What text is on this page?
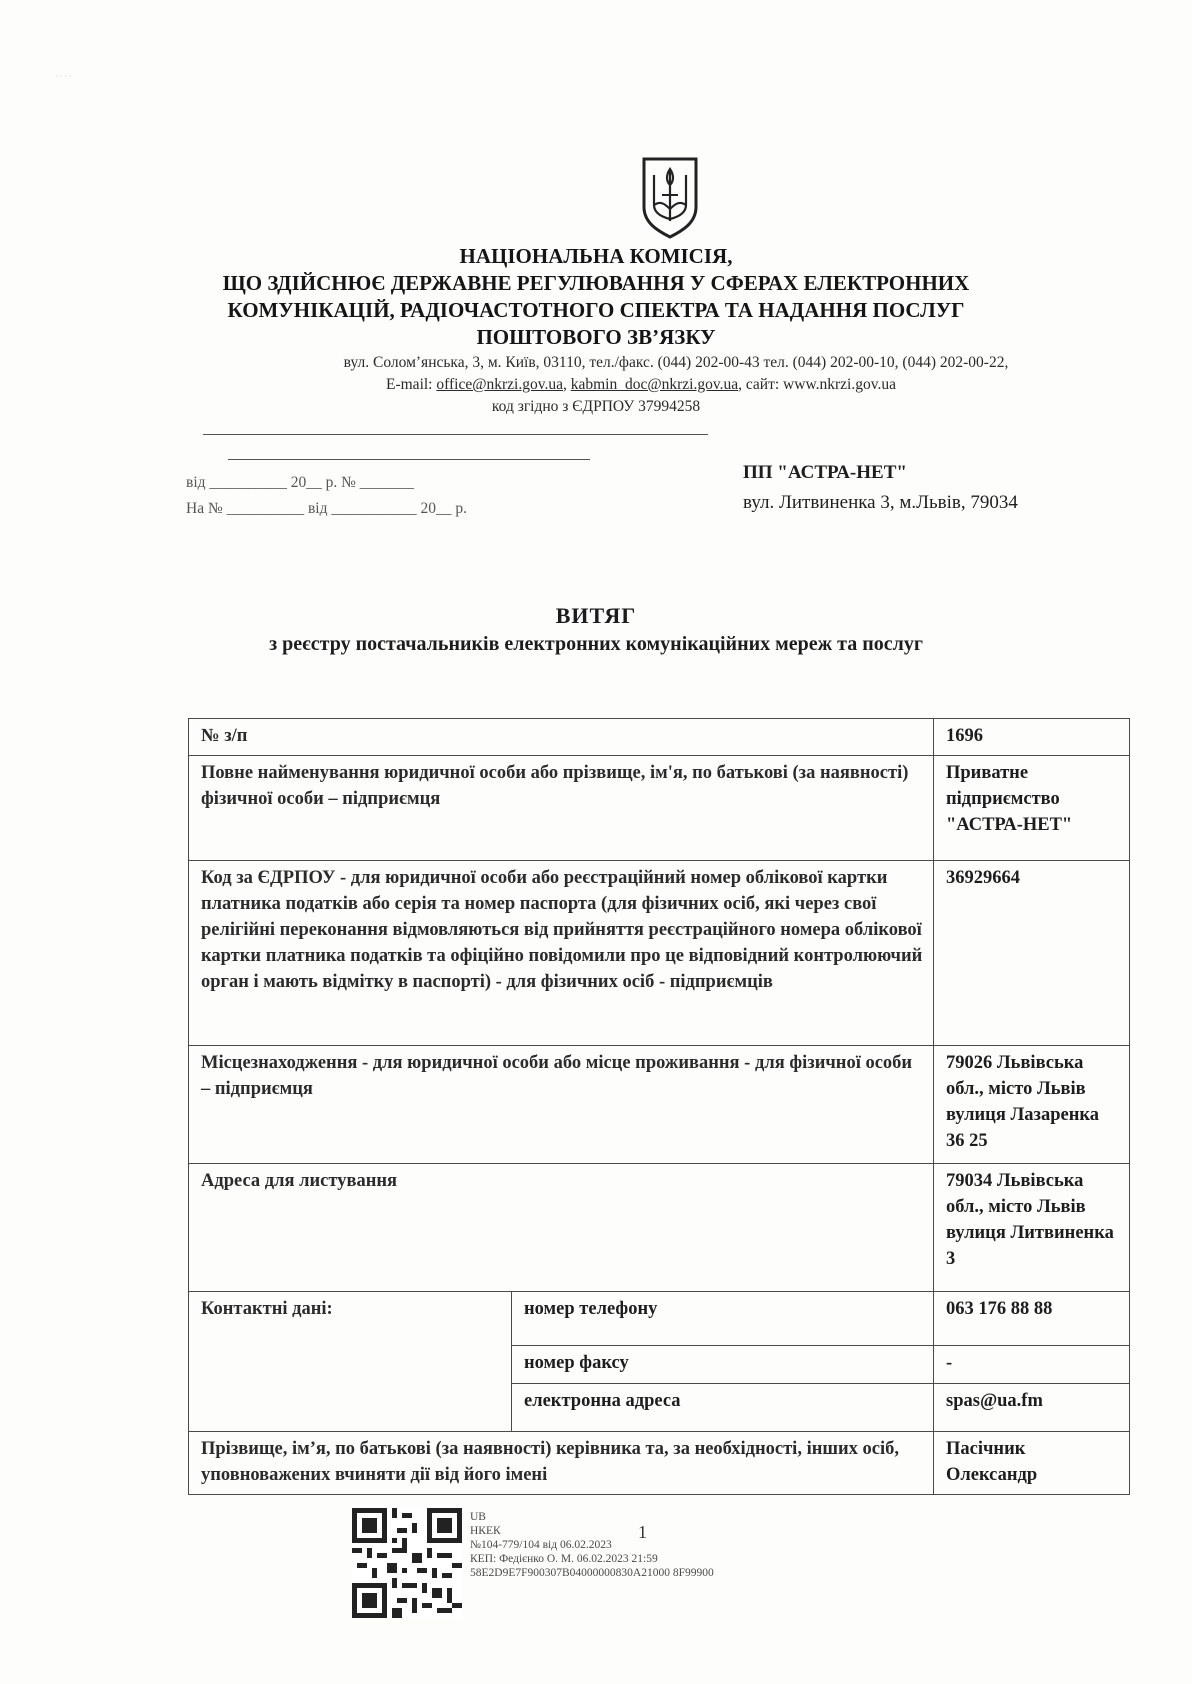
· · · ·
НАЦІОНАЛЬНА КОМІСІЯ,
ЩО ЗДІЙСНЮЄ ДЕРЖАВНЕ РЕГУЛЮВАННЯ У СФЕРАХ ЕЛЕКТРОННИХ
КОМУНІКАЦІЙ, РАДІОЧАСТОТНОГО СПЕКТРА ТА НАДАННЯ ПОСЛУГ
ПОШТОВОГО ЗВ’ЯЗКУ
вул. Солом’янська, 3, м. Київ, 03110, тел./факс. (044) 202-00-43 тел. (044) 202-00-10, (044) 202-00-22,
E-mail: office@nkrzi.gov.ua, kabmin_doc@nkrzi.gov.ua, сайт: www.nkrzi.gov.ua
код згідно з ЄДРПОУ 37994258
від __________ 20__ р. № _______
На № __________ від ___________ 20__ р.
ПП "АСТРА-НЕТ"
вул. Литвиненка 3, м.Львів, 79034
ВИТЯГ
з реєстру постачальників електронних комунікаційних мереж та послуг
№ з/п		1696
Повне найменування юридичної особи або прізвище, ім'я, по батькові (за наявності) фізичної особи – підприємця		Приватне підприємство "АСТРА-НЕТ"
Код за ЄДРПОУ - для юридичної особи або реєстраційний номер облікової картки платника податків або серія та номер паспорта (для фізичних осіб, які через свої релігійні переконання відмовляються від прийняття реєстраційного номера облікової картки платника податків та офіційно повідомили про це відповідний контролюючий орган і мають відмітку в паспорті) - для фізичних осіб - підприємців		36929664
Місцезнаходження - для юридичної особи або місце проживання - для фізичної особи – підприємця		79026 Львівська обл., місто Львів вулиця Лазаренка 36 25
Адреса для листування		79034 Львівська обл., місто Львів вулиця Литвиненка 3
Контактні дані:	номер телефону	063 176 88 88
	номер факсу	-
	електронна адреса	spas@ua.fm
Прізвище, ім’я, по батькові (за наявності) керівника та, за необхідності, інших осіб, уповноважених вчиняти дії від його імені		Пасічник Олександр
1
UB
НКЕК
№104-779/104 від 06.02.2023
КЕП: Федієнко О. М. 06.02.2023 21:59
58E2D9E7F900307B04000000830A21000 8F99900
